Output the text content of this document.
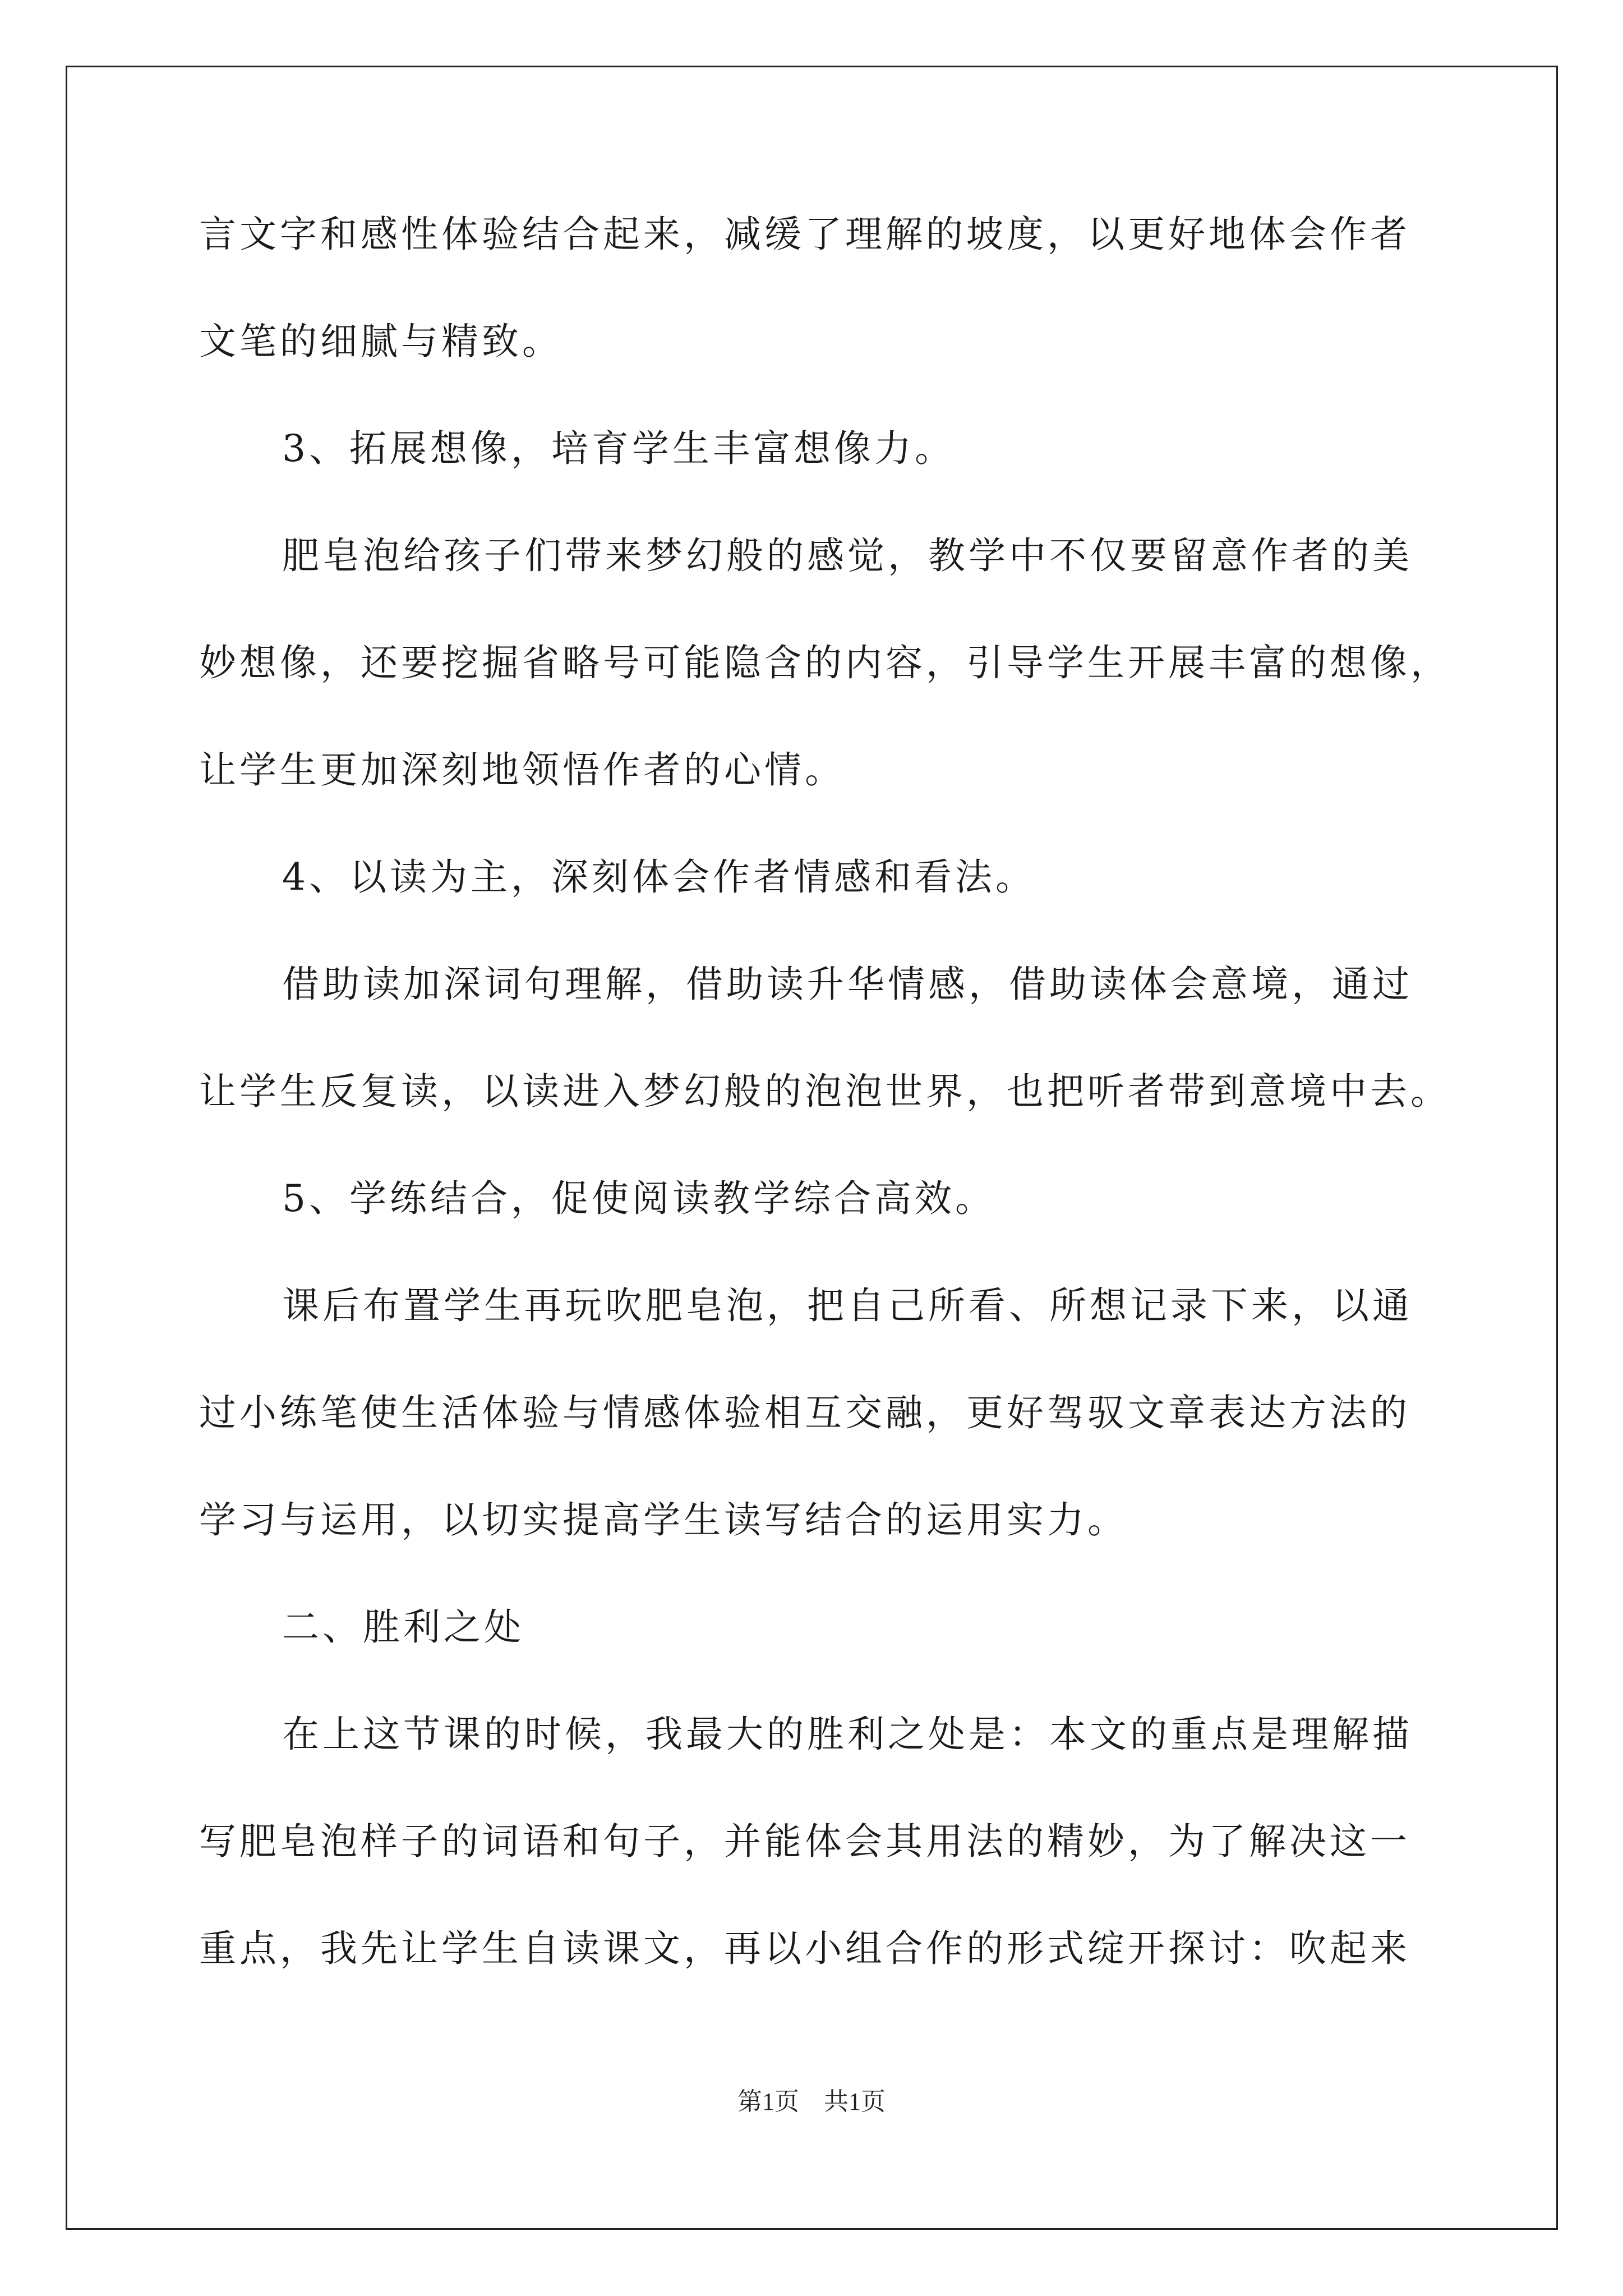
言文字和感性体验结合起来，减缓了理解的坡度，以更好地体会作者
文笔的细腻与精致。
3、拓展想像，培育学生丰富想像力。
肥皂泡给孩子们带来梦幻般的感觉，教学中不仅要留意作者的美
妙想像，还要挖掘省略号可能隐含的内容，引导学生开展丰富的想像，
让学生更加深刻地领悟作者的心情。
4、以读为主，深刻体会作者情感和看法。
借助读加深词句理解，借助读升华情感，借助读体会意境，通过
让学生反复读，以读进入梦幻般的泡泡世界，也把听者带到意境中去。
5、学练结合，促使阅读教学综合高效。
课后布置学生再玩吹肥皂泡，把自己所看、所想记录下来，以通
过小练笔使生活体验与情感体验相互交融，更好驾驭文章表达方法的
学习与运用，以切实提高学生读写结合的运用实力。
二、胜利之处
在上这节课的时候，我最大的胜利之处是：本文的重点是理解描
写肥皂泡样子的词语和句子，并能体会其用法的精妙，为了解决这一
重点，我先让学生自读课文，再以小组合作的形式绽开探讨：吹起来
第1页　共1页
